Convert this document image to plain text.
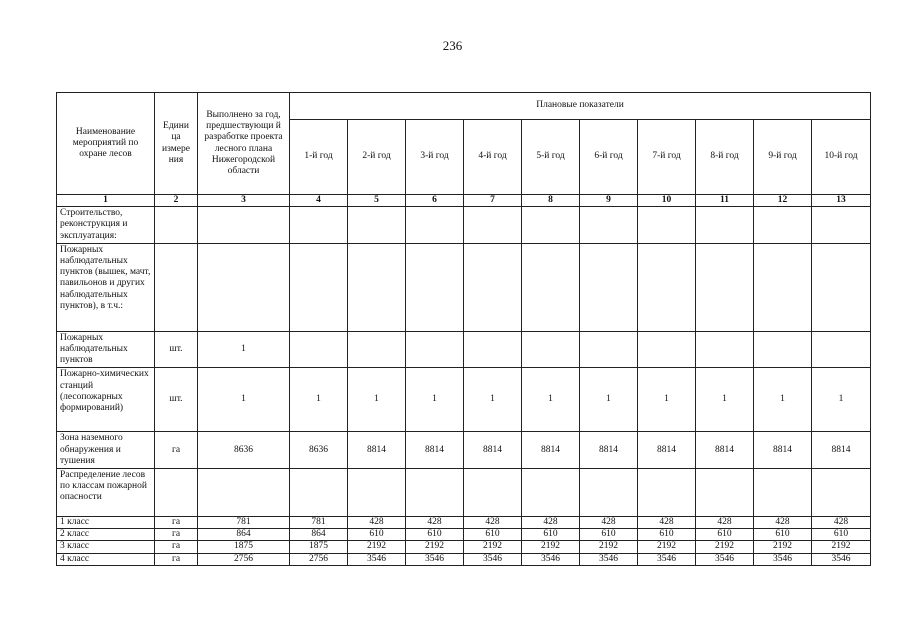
236
Наименование мероприятий по охране лесов	Едини ца измере ния	Выполнено за год, предшествующи й разработке проекта лесного плана Нижегородской области	Плановые показатели									
			1-й год	2-й год	3-й год	4-й год	5-й год	6-й год	7-й год	8-й год	9-й год	10-й год
1	2	3	4	5	6	7	8	9	10	11	12	13
Строительство, реконструкция и эксплуатация:												
Пожарных наблюдательных пунктов (вышек, мачт, павильонов и других наблюдательных пунктов), в т.ч.:												
Пожарных наблюдательных пунктов	шт.	1										
Пожарно-химических станций (лесопожарных формирований)	шт.	1	1	1	1	1	1	1	1	1	1	1
Зона наземного обнаружения и тушения	га	8636	8636	8814	8814	8814	8814	8814	8814	8814	8814	8814
Распределение лесов по классам пожарной опасности												
1 класс	га	781	781	428	428	428	428	428	428	428	428	428
2 класс	га	864	864	610	610	610	610	610	610	610	610	610
3 класс	га	1875	1875	2192	2192	2192	2192	2192	2192	2192	2192	2192
4 класс	га	2756	2756	3546	3546	3546	3546	3546	3546	3546	3546	3546
